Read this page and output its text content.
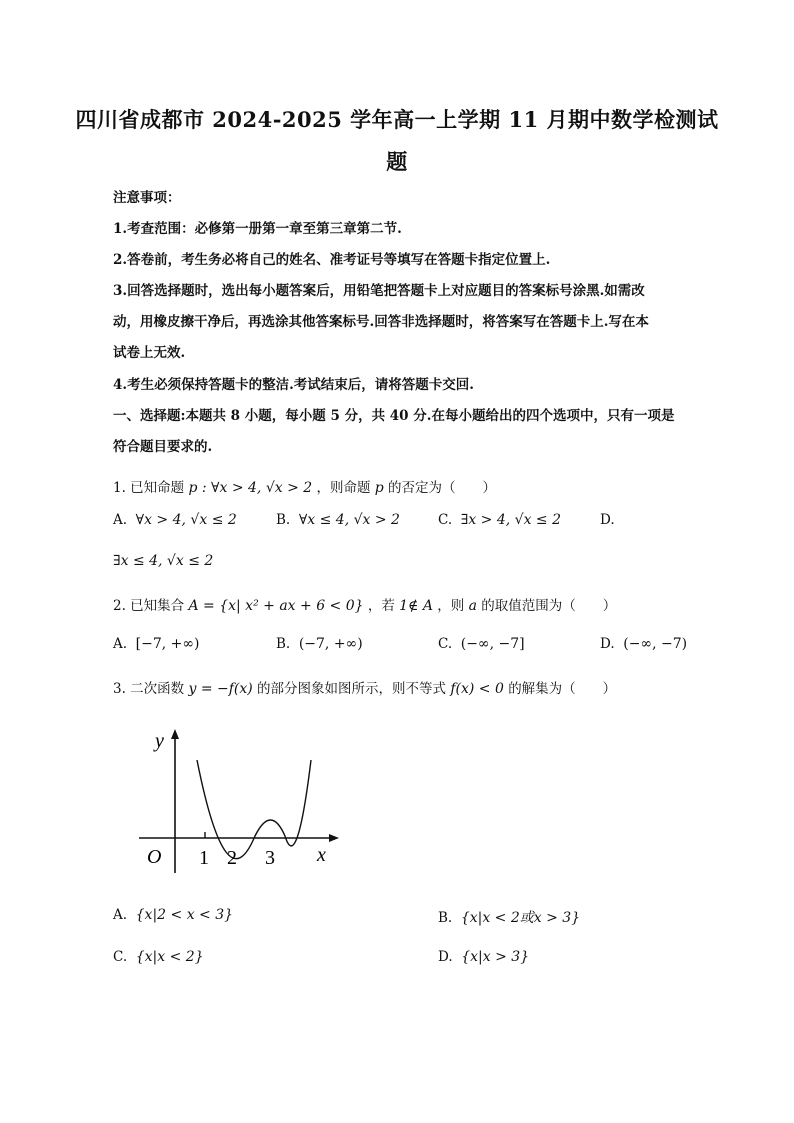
四川省成都市 2024-2025 学年高一上学期 11 月期中数学检测试
题
注意事项：
1.考查范围：必修第一册第一章至第三章第二节.
2.答卷前，考生务必将自己的姓名、准考证号等填写在答题卡指定位置上.
3.回答选择题时，选出每小题答案后，用铅笔把答题卡上对应题目的答案标号涂黑.如需改
动，用橡皮擦干净后，再选涂其他答案标号.回答非选择题时，将答案写在答题卡上.写在本
试卷上无效.
4.考生必须保持答题卡的整洁.考试结束后，请将答题卡交回.
一、选择题:本题共 8 小题，每小题 5 分，共 40 分.在每小题给出的四个选项中，只有一项是
符合题目要求的.
1. 已知命题 p : ∀x > 4, √x > 2 ，则命题 p 的否定为（　　）
A. ∀x > 4, √x ≤ 2	B. ∀x ≤ 4, √x > 2	C. ∃x > 4, √x ≤ 2	D.
∃x ≤ 4, √x ≤ 2
2. 已知集合 A = {x| x² + ax + 6 < 0} ，若 1∉ A ，则 a 的取值范围为（　　）
A. [−7, +∞)	B. (−7, +∞)	C. (−∞, −7]	D. (−∞, −7)
3. 二次函数 y = −f(x) 的部分图象如图所示，则不等式 f(x) < 0 的解集为（　　）
y
O 1 2 3 x
A. {x|2 < x < 3}	B. {x|x < 2或x > 3}
C. {x|x < 2}	D. {x|x > 3}
